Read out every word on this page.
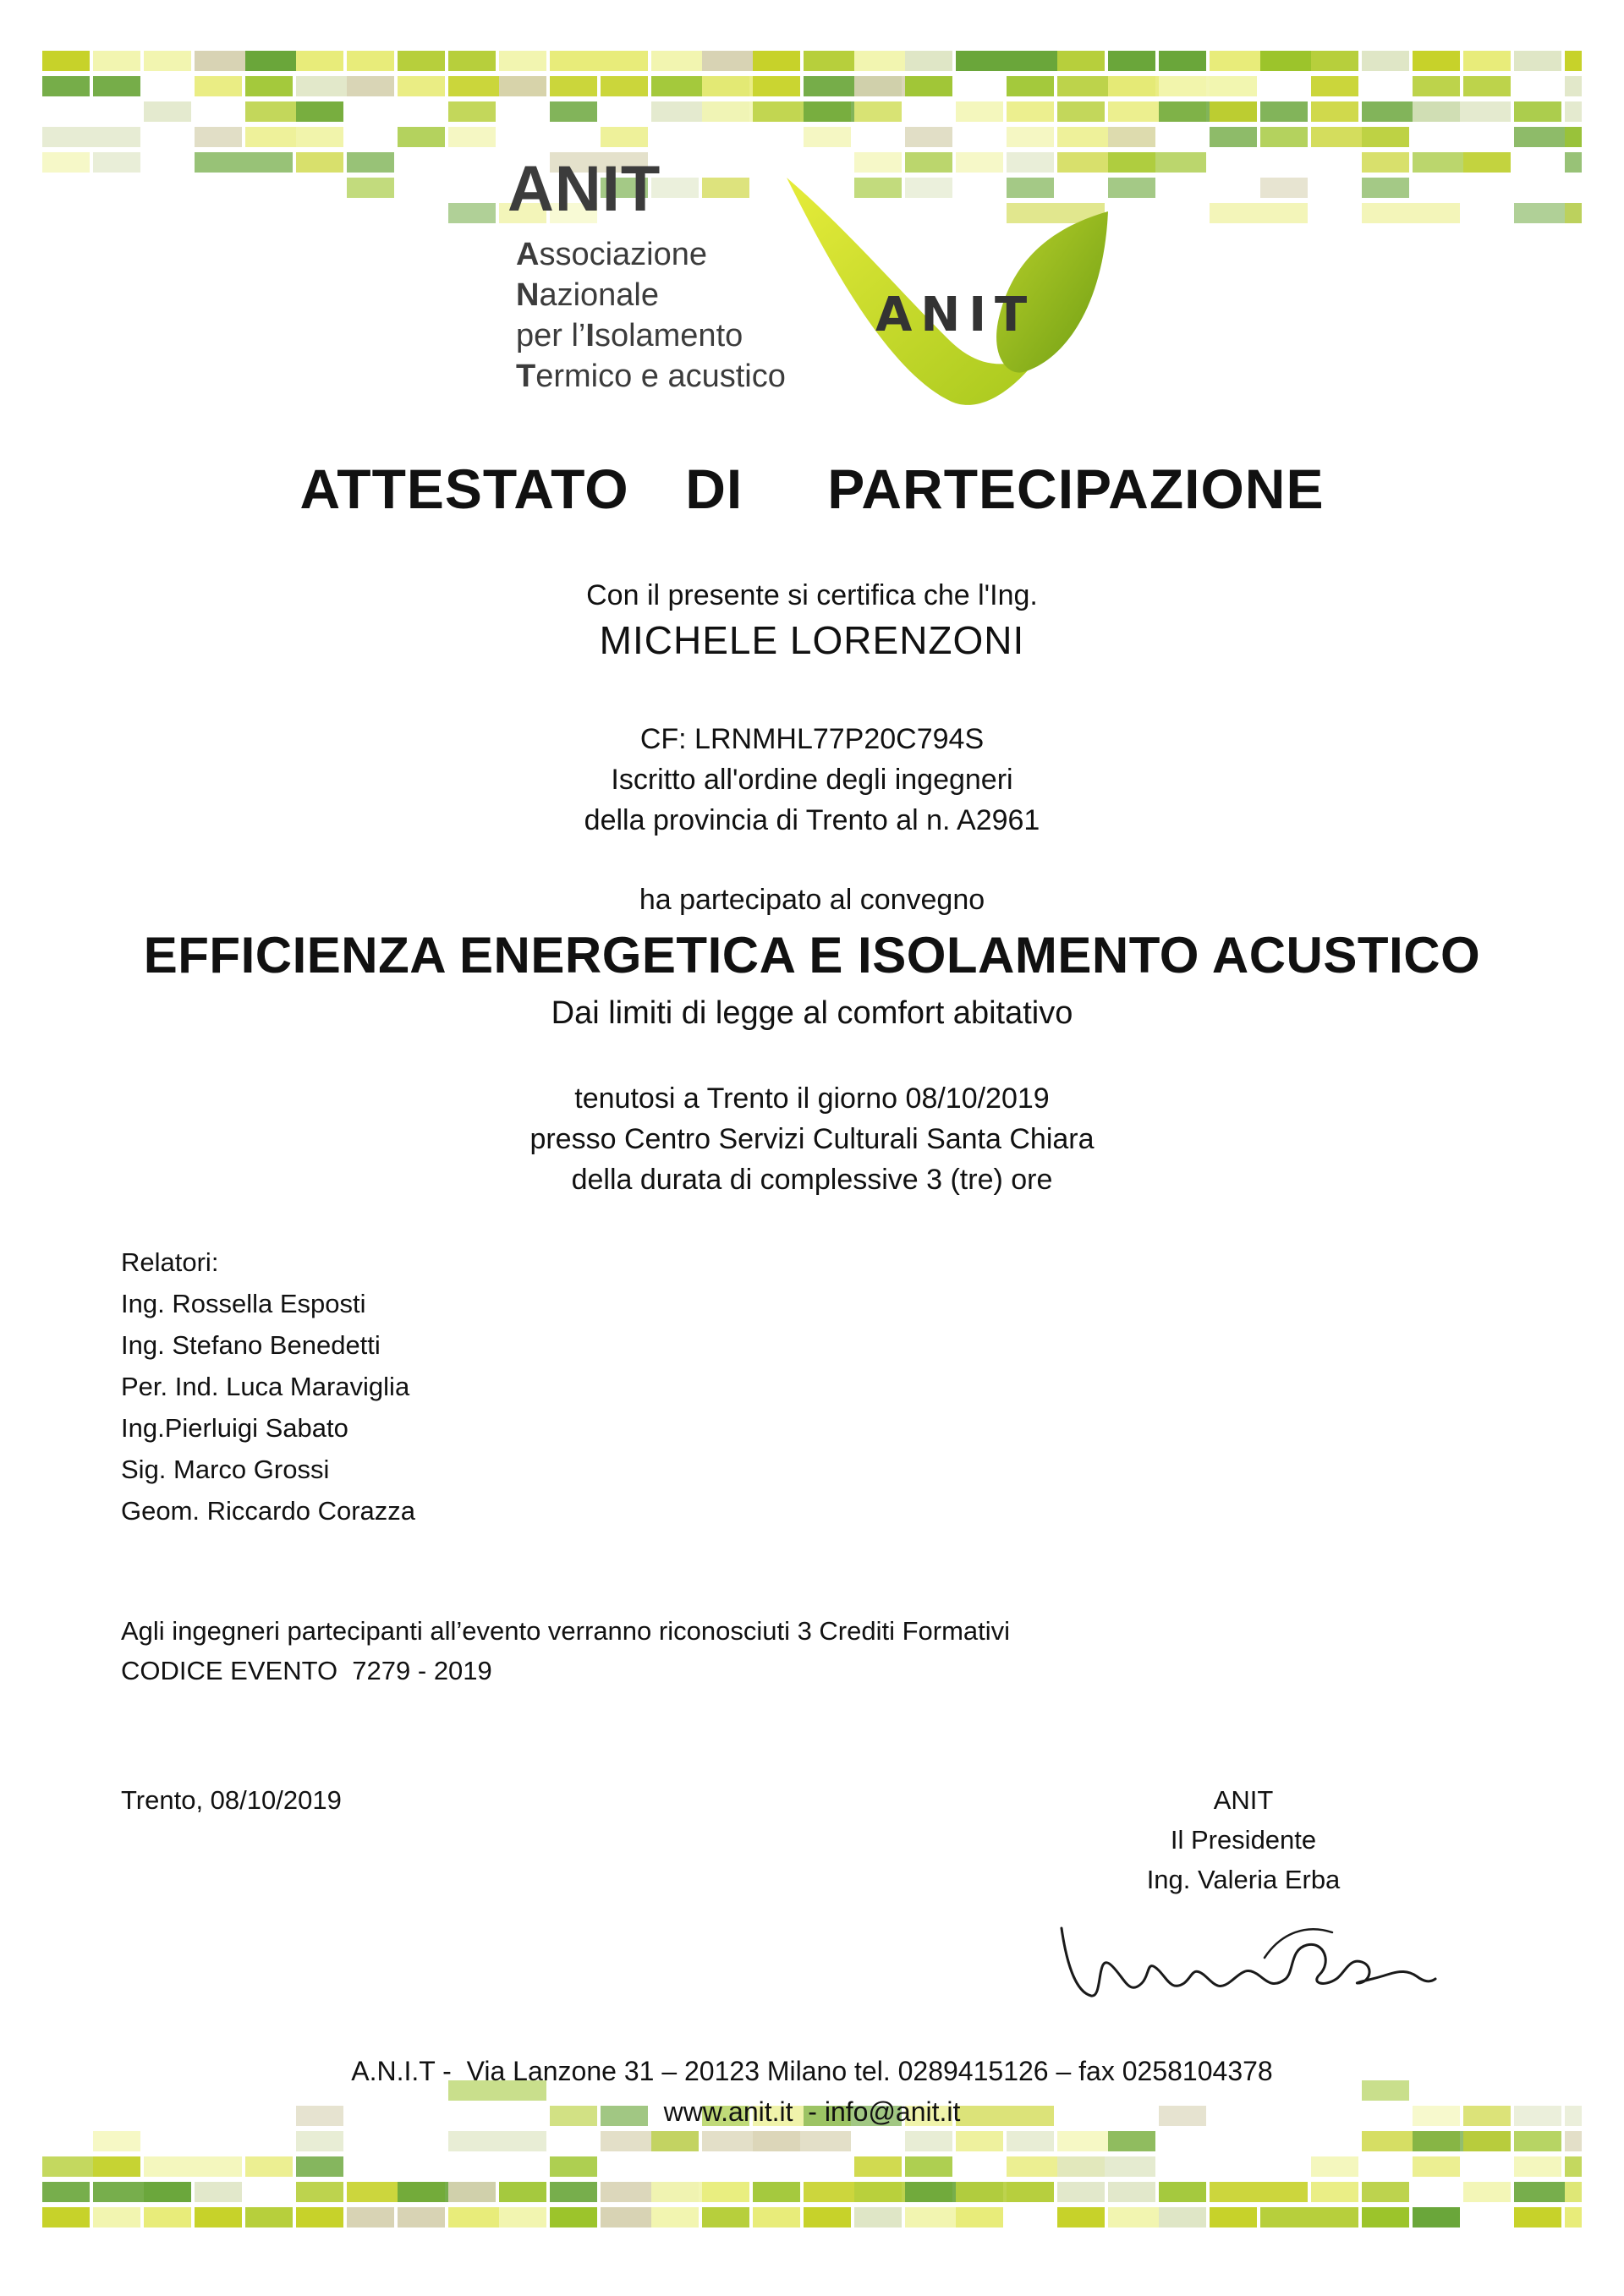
ANIT
Associazione
Nazionale
per l’Isolamento
Termico e acustico
ANIT
ATTESTATO  DI   PARTECIPAZIONE
Con il presente si certifica che l'Ing.
MICHELE LORENZONI
CF: LRNMHL77P20C794S
Iscritto all'ordine degli ingegneri
della provincia di Trento al n. A2961
ha partecipato al convegno
EFFICIENZA ENERGETICA E ISOLAMENTO ACUSTICO
Dai limiti di legge al comfort abitativo
tenutosi a Trento il giorno 08/10/2019
presso Centro Servizi Culturali Santa Chiara
della durata di complessive 3 (tre) ore
Relatori:
Ing. Rossella Esposti
Ing. Stefano Benedetti
Per. Ind. Luca Maraviglia
Ing.Pierluigi Sabato
Sig. Marco Grossi
Geom. Riccardo Corazza
Agli ingegneri partecipanti all’evento verranno riconosciuti 3 Crediti Formativi
CODICE EVENTO  7279 - 2019
Trento, 08/10/2019	ANIT
Il Presidente
Ing. Valeria Erba
A.N.I.T -  Via Lanzone 31 – 20123 Milano tel. 0289415126 – fax 0258104378
www.anit.it  - info@anit.it
